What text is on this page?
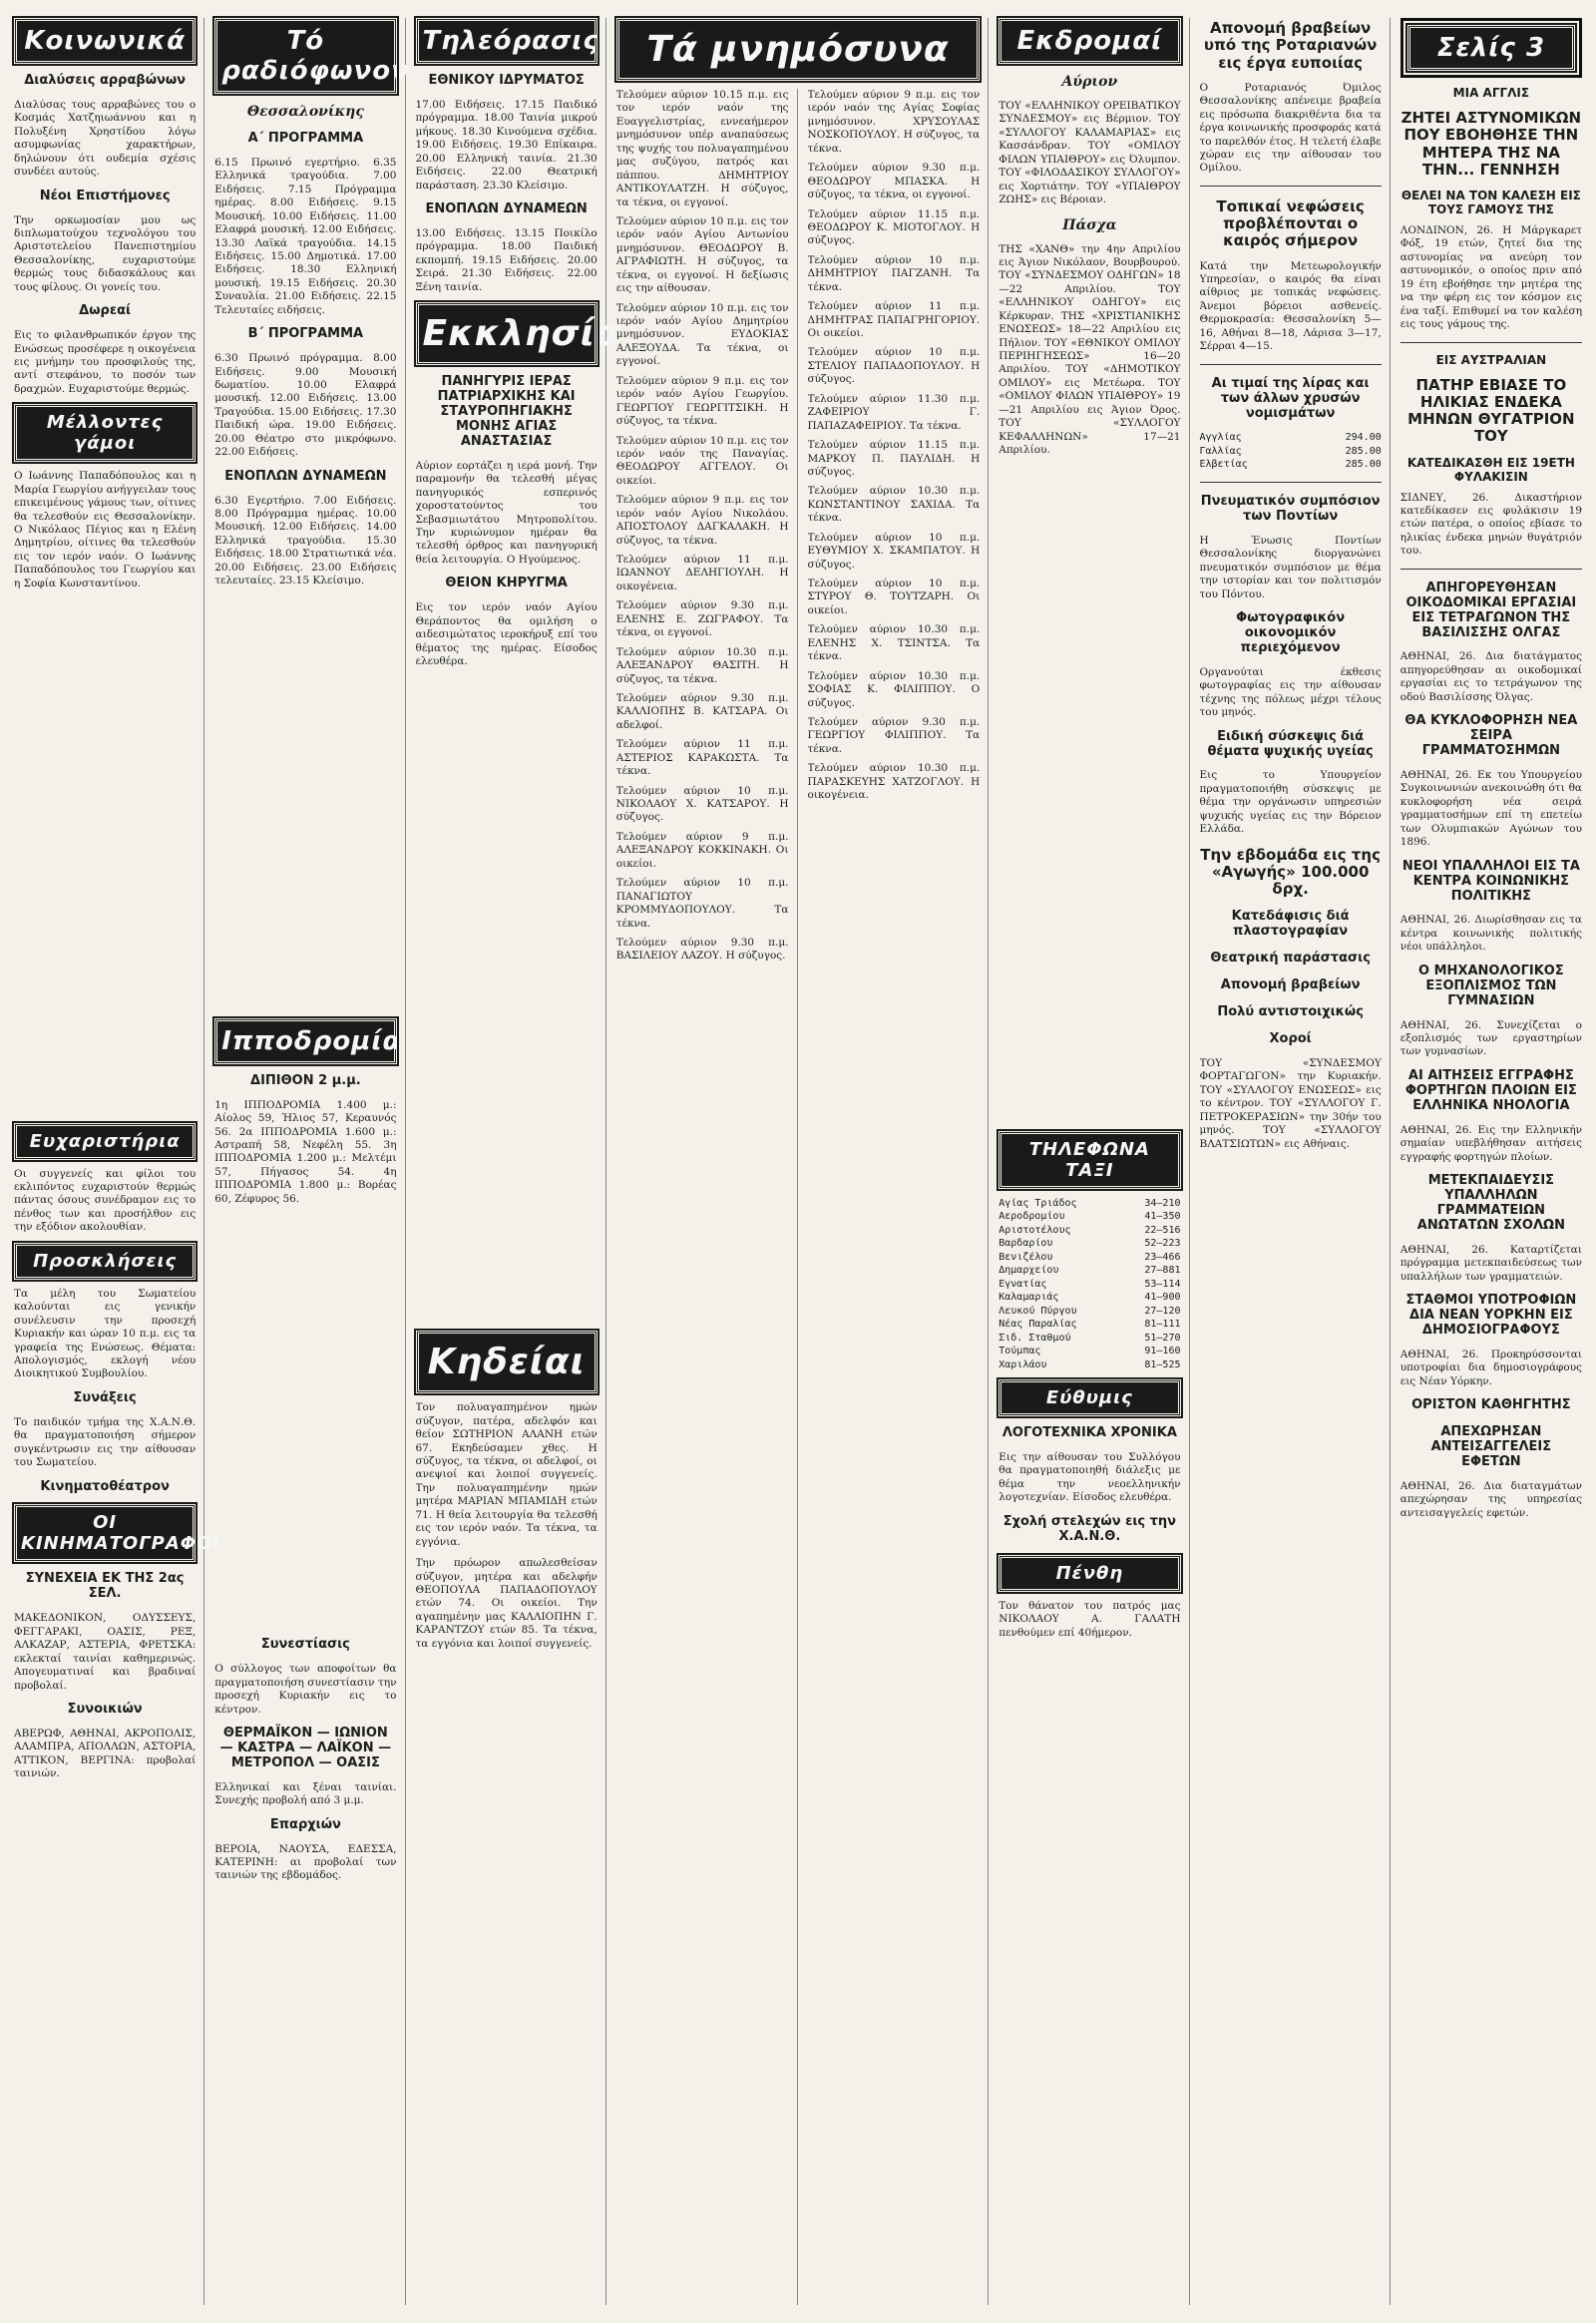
Κοινωνικά
Διαλύσεις αρραβώνων
Διαλύσας τους αρραβώνες του ο Κοσμάς Χατζηιωάννου και η Πολυξένη Χρηστίδου λόγω ασυμφωνίας χαρακτήρων, δηλώνουν ότι ουδεμία σχέσις συνδέει αυτούς.
Νέοι Επιστήμονες
Την ορκωμοσίαν μου ως διπλωματούχου τεχνολόγου του Αριστοτελείου Πανεπιστημίου Θεσσαλονίκης, ευχαριστούμε θερμώς τους διδασκάλους και τους φίλους. Οι γονείς του.
Δωρεαί
Εις το φιλανθρωπικόν έργον της Ενώσεως προσέφερε η οικογένεια εις μνήμην του προσφιλούς της, αντί στεφάνου, το ποσόν των δραχμών. Ευχαριστούμε θερμώς.
Μέλλοντες γάμοι
Ο Ιωάννης Παπαδόπουλος και η Μαρία Γεωργίου ανήγγειλαν τους επικειμένους γάμους των, οίτινες θα τελεσθούν εις Θεσσαλονίκην. Ο Νικόλαος Πέγιος και η Ελένη Δημητρίου, οίτινες θα τελεσθούν εις τον ιερόν ναόν. Ο Ιωάννης Παπαδόπουλος του Γεωργίου και η Σοφία Κωνσταντίνου.
Ευχαριστήρια
Οι συγγενείς και φίλοι του εκλιπόντος ευχαριστούν θερμώς πάντας όσους συνέδραμον εις το πένθος των και προσήλθον εις την εξόδιον ακολουθίαν.
Προσκλήσεις
Τα μέλη του Σωματείου καλούνται εις γενικήν συνέλευσιν την προσεχή Κυριακήν και ώραν 10 π.μ. εις τα γραφεία της Ενώσεως. Θέματα: Απολογισμός, εκλογή νέου Διοικητικού Συμβουλίου.
Συνάξεις
Το παιδικόν τμήμα της Χ.Α.Ν.Θ. θα πραγματοποιήση σήμερον συγκέντρωσιν εις την αίθουσαν του Σωματείου.
Κινηματοθέατρον
ΟΙ ΚΙΝΗΜΑΤΟΓΡΑΦΟΙ
ΣΥΝΕΧΕΙΑ ΕΚ ΤΗΣ 2ας ΣΕΛ.
ΜΑΚΕΔΟΝΙΚΟΝ, ΟΔΥΣΣΕΥΣ, ΦΕΓΓΑΡΑΚΙ, ΟΑΣΙΣ, ΡΕΞ, ΑΛΚΑΖΑΡ, ΑΣΤΕΡΙΑ, ΦΡΕΤΣΚΑ: εκλεκταί ταινίαι καθημερινώς. Απογευματιναί και βραδιναί προβολαί.
Συνοικιών
ΑΒΕΡΩΦ, ΑΘΗΝΑΙ, ΑΚΡΟΠΟΛΙΣ, ΑΛΑΜΠΡΑ, ΑΠΟΛΛΩΝ, ΑΣΤΟΡΙΑ, ΑΤΤΙΚΟΝ, ΒΕΡΓΙΝΑ: προβολαί ταινιών.
Τό ραδιόφωνον
Θεσσαλονίκης
Α΄ ΠΡΟΓΡΑΜΜΑ
6.15 Πρωινό εγερτήριο. 6.35 Ελληνικά τραγούδια. 7.00 Ειδήσεις. 7.15 Πρόγραμμα ημέρας. 8.00 Ειδήσεις. 9.15 Μουσική. 10.00 Ειδήσεις. 11.00 Ελαφρά μουσική. 12.00 Ειδήσεις. 13.30 Λαϊκά τραγούδια. 14.15 Ειδήσεις. 15.00 Δημοτικά. 17.00 Ειδήσεις. 18.30 Ελληνική μουσική. 19.15 Ειδήσεις. 20.30 Συναυλία. 21.00 Ειδήσεις. 22.15 Τελευταίες ειδήσεις.
Β΄ ΠΡΟΓΡΑΜΜΑ
6.30 Πρωινό πρόγραμμα. 8.00 Ειδήσεις. 9.00 Μουσική δωματίου. 10.00 Ελαφρά μουσική. 12.00 Ειδήσεις. 13.00 Τραγούδια. 15.00 Ειδήσεις. 17.30 Παιδική ώρα. 19.00 Ειδήσεις. 20.00 Θέατρο στο μικρόφωνο. 22.00 Ειδήσεις.
ΕΝΟΠΛΩΝ ΔΥΝΑΜΕΩΝ
6.30 Εγερτήριο. 7.00 Ειδήσεις. 8.00 Πρόγραμμα ημέρας. 10.00 Μουσική. 12.00 Ειδήσεις. 14.00 Ελληνικά τραγούδια. 15.30 Ειδήσεις. 18.00 Στρατιωτικά νέα. 20.00 Ειδήσεις. 23.00 Ειδήσεις τελευταίες. 23.15 Κλείσιμο.
Ιπποδρομία
ΔΙΠΙΘΟΝ 2 μ.μ.
1η ΙΠΠΟΔΡΟΜΙΑ 1.400 μ.: Αίολος 59, Ήλιος 57, Κεραυνός 56. 2α ΙΠΠΟΔΡΟΜΙΑ 1.600 μ.: Αστραπή 58, Νεφέλη 55. 3η ΙΠΠΟΔΡΟΜΙΑ 1.200 μ.: Μελτέμι 57, Πήγασος 54. 4η ΙΠΠΟΔΡΟΜΙΑ 1.800 μ.: Βορέας 60, Ζέφυρος 56.
Συνεστίασις
Ο σύλλογος των αποφοίτων θα πραγματοποιήση συνεστίασιν την προσεχή Κυριακήν εις το κέντρον.
ΘΕΡΜΑΪΚΟΝ — ΙΩΝΙΟΝ — ΚΑΣΤΡΑ — ΛΑΪΚΟΝ — ΜΕΤΡΟΠΟΛ — ΟΑΣΙΣ
Ελληνικαί και ξέναι ταινίαι. Συνεχής προβολή από 3 μ.μ.
Επαρχιών
ΒΕΡΟΙΑ, ΝΑΟΥΣΑ, ΕΔΕΣΣΑ, ΚΑΤΕΡΙΝΗ: αι προβολαί των ταινιών της εβδομάδος.
Τηλεόρασις
ΕΘΝΙΚΟΥ ΙΔΡΥΜΑΤΟΣ
17.00 Ειδήσεις. 17.15 Παιδικό πρόγραμμα. 18.00 Ταινία μικρού μήκους. 18.30 Κινούμενα σχέδια. 19.00 Ειδήσεις. 19.30 Επίκαιρα. 20.00 Ελληνική ταινία. 21.30 Ειδήσεις. 22.00 Θεατρική παράσταση. 23.30 Κλείσιμο.
ΕΝΟΠΛΩΝ ΔΥΝΑΜΕΩΝ
13.00 Ειδήσεις. 13.15 Ποικίλο πρόγραμμα. 18.00 Παιδική εκπομπή. 19.15 Ειδήσεις. 20.00 Σειρά. 21.30 Ειδήσεις. 22.00 Ξένη ταινία.
Εκκλησία
ΠΑΝΗΓΥΡΙΣ ΙΕΡΑΣ ΠΑΤΡΙΑΡΧΙΚΗΣ ΚΑΙ ΣΤΑΥΡΟΠΗΓΙΑΚΗΣ ΜΟΝΗΣ ΑΓΙΑΣ ΑΝΑΣΤΑΣΙΑΣ
Αύριον εορτάζει η ιερά μονή. Την παραμονήν θα τελεσθή μέγας πανηγυρικός εσπερινός χοροστατούντος του Σεβασμιωτάτου Μητροπολίτου. Την κυριώνυμον ημέραν θα τελεσθή όρθρος και πανηγυρική θεία λειτουργία. Ο Ηγούμενος.
ΘΕΙΟΝ ΚΗΡΥΓΜΑ
Εις τον ιερόν ναόν Αγίου Θεράποντος θα ομιλήση ο αιδεσιμώτατος ιεροκήρυξ επί του θέματος της ημέρας. Είσοδος ελευθέρα.
Κηδείαι
Τον πολυαγαπημένον ημών σύζυγον, πατέρα, αδελφόν και θείον ΣΩΤΗΡΙΟΝ ΑΛΑΝΗ ετών 67. Εκηδεύσαμεν χθες. Η σύζυγος, τα τέκνα, οι αδελφοί, οι ανεψιοί και λοιποί συγγενείς. Την πολυαγαπημένην ημών μητέρα ΜΑΡΙΑΝ ΜΠΑΜΙΔΗ ετών 71. Η θεία λειτουργία θα τελεσθή εις τον ιερόν ναόν. Τα τέκνα, τα εγγόνια.
Την πρόωρον απωλεσθείσαν σύζυγον, μητέρα και αδελφήν ΘΕΟΠΟΥΛΑ ΠΑΠΑΔΟΠΟΥΛΟΥ ετών 74. Οι οικείοι. Την αγαπημένην μας ΚΑΛΛΙΟΠΗΝ Γ. ΚΑΡΑΝΤΖΟΥ ετών 85. Τα τέκνα, τα εγγόνια και λοιποί συγγενείς.
Τά μνημόσυνα
Τελούμεν αύριον 10.15 π.μ. εις τον ιερόν ναόν της Ευαγγελιστρίας, εννεαήμερον μνημόσυνον υπέρ αναπαύσεως της ψυχής του πολυαγαπημένου μας συζύγου, πατρός και πάππου. ΔΗΜΗΤΡΙΟΥ ΑΝΤΙΚΟΥΛΑΤΖΗ. Η σύζυγος, τα τέκνα, οι εγγονοί.
Τελούμεν αύριον 10 π.μ. εις τον ιερόν ναόν Αγίου Αντωνίου μνημόσυνον. ΘΕΟΔΩΡΟΥ Β. ΑΓΡΑΦΙΩΤΗ. Η σύζυγος, τα τέκνα, οι εγγονοί. Η δεξίωσις εις την αίθουσαν.
Τελούμεν αύριον 10 π.μ. εις τον ιερόν ναόν Αγίου Δημητρίου μνημόσυνον. ΕΥΔΟΚΙΑΣ ΑΛΕΞΟΥΔΑ. Τα τέκνα, οι εγγονοί.
Τελούμεν αύριον 9 π.μ. εις τον ιερόν ναόν Αγίου Γεωργίου. ΓΕΩΡΓΙΟΥ ΓΕΩΡΓΙΤΣΙΚΗ. Η σύζυγος, τα τέκνα.
Τελούμεν αύριον 10 π.μ. εις τον ιερόν ναόν της Παναγίας. ΘΕΟΔΩΡΟΥ ΑΓΓΕΛΟΥ. Οι οικείοι.
Τελούμεν αύριον 9 π.μ. εις τον ιερόν ναόν Αγίου Νικολάου. ΑΠΟΣΤΟΛΟΥ ΔΑΓΚΑΛΑΚΗ. Η σύζυγος, τα τέκνα.
Τελούμεν αύριον 11 π.μ. ΙΩΑΝΝΟΥ ΔΕΛΗΓΙΟΥΛΗ. Η οικογένεια.
Τελούμεν αύριον 9.30 π.μ. ΕΛΕΝΗΣ Ε. ΖΩΓΡΑΦΟΥ. Τα τέκνα, οι εγγονοί.
Τελούμεν αύριον 10.30 π.μ. ΑΛΕΞΑΝΔΡΟΥ ΘΑΣΙΤΗ. Η σύζυγος, τα τέκνα.
Τελούμεν αύριον 9.30 π.μ. ΚΑΛΛΙΟΠΗΣ Β. ΚΑΤΣΑΡΑ. Οι αδελφοί.
Τελούμεν αύριον 11 π.μ. ΑΣΤΕΡΙΟΣ ΚΑΡΑΚΩΣΤΑ. Τα τέκνα.
Τελούμεν αύριον 10 π.μ. ΝΙΚΟΛΑΟΥ Χ. ΚΑΤΣΑΡΟΥ. Η σύζυγος.
Τελούμεν αύριον 9 π.μ. ΑΛΕΞΑΝΔΡΟΥ ΚΟΚΚΙΝΑΚΗ. Οι οικείοι.
Τελούμεν αύριον 10 π.μ. ΠΑΝΑΓΙΩΤΟΥ ΚΡΟΜΜΥΔΟΠΟΥΛΟΥ. Τα τέκνα.
Τελούμεν αύριον 9.30 π.μ. ΒΑΣΙΛΕΙΟΥ ΛΑΖΟΥ. Η σύζυγος.
Τελούμεν αύριον 9 π.μ. εις τον ιερόν ναόν της Αγίας Σοφίας μνημόσυνον. ΧΡΥΣΟΥΛΑΣ ΝΟΣΚΟΠΟΥΛΟΥ. Η σύζυγος, τα τέκνα.
Τελούμεν αύριον 9.30 π.μ. ΘΕΟΔΩΡΟΥ ΜΠΑΣΚΑ. Η σύζυγος, τα τέκνα, οι εγγονοί.
Τελούμεν αύριον 11.15 π.μ. ΘΕΟΔΩΡΟΥ Κ. ΜΙΟΤΟΓΛΟΥ. Η σύζυγος.
Τελούμεν αύριον 10 π.μ. ΔΗΜΗΤΡΙΟΥ ΠΑΓΖΑΝΗ. Τα τέκνα.
Τελούμεν αύριον 11 π.μ. ΔΗΜΗΤΡΑΣ ΠΑΠΑΓΡΗΓΟΡΙΟΥ. Οι οικείοι.
Τελούμεν αύριον 10 π.μ. ΣΤΕΛΙΟΥ ΠΑΠΑΔΟΠΟΥΛΟΥ. Η σύζυγος.
Τελούμεν αύριον 11.30 π.μ. ΖΑΦΕΙΡΙΟΥ Γ. ΠΑΠΑΖΑΦΕΙΡΙΟΥ. Τα τέκνα.
Τελούμεν αύριον 11.15 π.μ. ΜΑΡΚΟΥ Π. ΠΑΥΛΙΔΗ. Η σύζυγος.
Τελούμεν αύριον 10.30 π.μ. ΚΩΝΣΤΑΝΤΙΝΟΥ ΣΑΧΙΔΑ. Τα τέκνα.
Τελούμεν αύριον 10 π.μ. ΕΥΘΥΜΙΟΥ Χ. ΣΚΑΜΠΑΤΟΥ. Η σύζυγος.
Τελούμεν αύριον 10 π.μ. ΣΤΥΡΟΥ Θ. ΤΟΥΤΖΑΡΗ. Οι οικείοι.
Τελούμεν αύριον 10.30 π.μ. ΕΛΕΝΗΣ Χ. ΤΣΙΝΤΣΑ. Τα τέκνα.
Τελούμεν αύριον 10.30 π.μ. ΣΟΦΙΑΣ Κ. ΦΙΛΙΠΠΟΥ. Ο σύζυγος.
Τελούμεν αύριον 9.30 π.μ. ΓΕΩΡΓΙΟΥ ΦΙΛΙΠΠΟΥ. Τα τέκνα.
Τελούμεν αύριον 10.30 π.μ. ΠΑΡΑΣΚΕΥΗΣ ΧΑΤΖΟΓΛΟΥ. Η οικογένεια.
Εκδρομαί
Αύριον
ΤΟΥ «ΕΛΛΗΝΙΚΟΥ ΟΡΕΙΒΑΤΙΚΟΥ ΣΥΝΔΕΣΜΟΥ» εις Βέρμιον. ΤΟΥ «ΣΥΛΛΟΓΟΥ ΚΑΛΑΜΑΡΙΑΣ» εις Κασσάνδραν. ΤΟΥ «ΟΜΙΛΟΥ ΦΙΛΩΝ ΥΠΑΙΘΡΟΥ» εις Όλυμπον. ΤΟΥ «ΦΙΛΟΔΑΣΙΚΟΥ ΣΥΛΛΟΓΟΥ» εις Χορτιάτην. ΤΟΥ «ΥΠΑΙΘΡΟΥ ΖΩΗΣ» εις Βέροιαν.
Πάσχα
ΤΗΣ «ΧΑΝΘ» την 4ην Απριλίου εις Άγιον Νικόλαον, Βουρβουρού. ΤΟΥ «ΣΥΝΔΕΣΜΟΥ ΟΔΗΓΩΝ» 18—22 Απριλίου. ΤΟΥ «ΕΛΛΗΝΙΚΟΥ ΟΔΗΓΟΥ» εις Κέρκυραν. ΤΗΣ «ΧΡΙΣΤΙΑΝΙΚΗΣ ΕΝΩΣΕΩΣ» 18—22 Απριλίου εις Πήλιον. ΤΟΥ «ΕΘΝΙΚΟΥ ΟΜΙΛΟΥ ΠΕΡΙΗΓΗΣΕΩΣ» 16—20 Απριλίου. ΤΟΥ «ΔΗΜΟΤΙΚΟΥ ΟΜΙΛΟΥ» εις Μετέωρα. ΤΟΥ «ΟΜΙΛΟΥ ΦΙΛΩΝ ΥΠΑΙΘΡΟΥ» 19—21 Απριλίου εις Άγιον Όρος. ΤΟΥ «ΣΥΛΛΟΓΟΥ ΚΕΦΑΛΛΗΝΩΝ» 17—21 Απριλίου.
ΤΗΛΕΦΩΝΑ ΤΑΞΙ
Αγίας Τριάδος	34—210
Αεροδρομίου	41—350
Αριστοτέλους	22—516
Βαρδαρίου	52—223
Βενιζέλου	23—466
Δημαρχείου	27—881
Εγνατίας	53—114
Καλαμαριάς	41—900
Λευκού Πύργου	27—120
Νέας Παραλίας	81—111
Σιδ. Σταθμού	51—270
Τούμπας	91—160
Χαριλάου	81—525
Εύθυμις
ΛΟΓΟΤΕΧΝΙΚΑ ΧΡΟΝΙΚΑ
Εις την αίθουσαν του Συλλόγου θα πραγματοποιηθή διάλεξις με θέμα την νεοελληνικήν λογοτεχνίαν. Είσοδος ελευθέρα.
Σχολή στελεχών εις την Χ.Α.Ν.Θ.
Πένθη
Τον θάνατον του πατρός μας ΝΙΚΟΛΑΟΥ Α. ΓΑΛΑΤΗ πενθούμεν επί 40ήμερον.
Απονομή βραβείων υπό της Ροταριανών εις έργα ευποιίας
Ο Ροταριανός Όμιλος Θεσσαλονίκης απένειμε βραβεία εις πρόσωπα διακριθέντα δια τα έργα κοινωνικής προσφοράς κατά το παρελθόν έτος. Η τελετή έλαβε χώραν εις την αίθουσαν του Ομίλου.
Τοπικαί νεφώσεις προβλέπονται ο καιρός σήμερον
Κατά την Μετεωρολογικήν Υπηρεσίαν, ο καιρός θα είναι αίθριος με τοπικάς νεφώσεις. Άνεμοι βόρειοι ασθενείς. Θερμοκρασία: Θεσσαλονίκη 5—16, Αθήναι 8—18, Λάρισα 3—17, Σέρραι 4—15.
Αι τιμαί της λίρας και των άλλων χρυσών νομισμάτων
Αγγλίας	294.00
Γαλλίας	285.00
Ελβετίας	285.00
Πνευματικόν συμπόσιον των Ποντίων
Η Ένωσις Ποντίων Θεσσαλονίκης διοργανώνει πνευματικόν συμπόσιον με θέμα την ιστορίαν και τον πολιτισμόν του Πόντου.
Φωτογραφικόν οικονομικόν περιεχόμενον
Οργανούται έκθεσις φωτογραφίας εις την αίθουσαν τέχνης της πόλεως μέχρι τέλους του μηνός.
Ειδική σύσκεψις διά θέματα ψυχικής υγείας
Εις το Υπουργείον πραγματοποιήθη σύσκεψις με θέμα την οργάνωσιν υπηρεσιών ψυχικής υγείας εις την Βόρειον Ελλάδα.
Την εβδομάδα εις της «Αγωγής» 100.000 δρχ.
Κατεδάφισις διά πλαστογραφίαν
Θεατρική παράστασις
Απονομή βραβείων
Πολύ αντιστοιχικώς
Χοροί
ΤΟΥ «ΣΥΝΔΕΣΜΟΥ ΦΟΡΤΑΓΩΓΟΝ» την Κυριακήν. ΤΟΥ «ΣΥΛΛΟΓΟΥ ΕΝΩΣΕΩΣ» εις το κέντρον. ΤΟΥ «ΣΥΛΛΟΓΟΥ Γ. ΠΕΤΡΟΚΕΡΑΣΙΩΝ» την 30ήν του μηνός. ΤΟΥ «ΣΥΛΛΟΓΟΥ ΒΛΑΤΣΙΩΤΩΝ» εις Αθήναις.
Σελίς 3
ΜΙΑ ΑΓΓΛΙΣ
ΖΗΤΕΙ ΑΣΤΥΝΟΜΙΚΩΝ ΠΟΥ ΕΒΟΗΘΗΣΕ ΤΗΝ ΜΗΤΕΡΑ ΤΗΣ ΝΑ ΤΗΝ... ΓΕΝΝΗΣΗ
ΘΕΛΕΙ ΝΑ ΤΟΝ ΚΑΛΕΣΗ ΕΙΣ ΤΟΥΣ ΓΑΜΟΥΣ ΤΗΣ
ΛΟΝΔΙΝΟΝ, 26. Η Μάργκαρετ Φόξ, 19 ετών, ζητεί δια της αστυνομίας να ανεύρη τον αστυνομικόν, ο οποίος πριν από 19 έτη εβοήθησε την μητέρα της να την φέρη εις τον κόσμον εις ένα ταξί. Επιθυμεί να τον καλέση εις τους γάμους της.
ΕΙΣ ΑΥΣΤΡΑΛΙΑΝ
ΠΑΤΗΡ ΕΒΙΑΣΕ ΤΟ ΗΛΙΚΙΑΣ ΕΝΔΕΚΑ ΜΗΝΩΝ ΘΥΓΑΤΡΙΟΝ ΤΟΥ
ΚΑΤΕΔΙΚΑΣΘΗ ΕΙΣ 19ΕΤΗ ΦΥΛΑΚΙΣΙΝ
ΣΙΔΝΕΥ, 26. Δικαστήριον κατεδίκασεν εις φυλάκισιν 19 ετών πατέρα, ο οποίος εβίασε το ηλικίας ένδεκα μηνών θυγάτριόν του.
ΑΠΗΓΟΡΕΥΘΗΣΑΝ ΟΙΚΟΔΟΜΙΚΑΙ ΕΡΓΑΣΙΑΙ ΕΙΣ ΤΕΤΡΑΓΩΝΟΝ ΤΗΣ ΒΑΣΙΛΙΣΣΗΣ ΟΛΓΑΣ
ΑΘΗΝΑΙ, 26. Δια διατάγματος απηγορεύθησαν αι οικοδομικαί εργασίαι εις το τετράγωνον της οδού Βασιλίσσης Όλγας.
ΘΑ ΚΥΚΛΟΦΟΡΗΣΗ ΝΕΑ ΣΕΙΡΑ ΓΡΑΜΜΑΤΟΣΗΜΩΝ
ΑΘΗΝΑΙ, 26. Εκ του Υπουργείου Συγκοινωνιών ανεκοινώθη ότι θα κυκλοφορήση νέα σειρά γραμματοσήμων επί τη επετείω των Ολυμπιακών Αγώνων του 1896.
ΝΕΟΙ ΥΠΑΛΛΗΛΟΙ ΕΙΣ ΤΑ ΚΕΝΤΡΑ ΚΟΙΝΩΝΙΚΗΣ ΠΟΛΙΤΙΚΗΣ
ΑΘΗΝΑΙ, 26. Διωρίσθησαν εις τα κέντρα κοινωνικής πολιτικής νέοι υπάλληλοι.
Ο ΜΗΧΑΝΟΛΟΓΙΚΟΣ ΕΞΟΠΛΙΣΜΟΣ ΤΩΝ ΓΥΜΝΑΣΙΩΝ
ΑΘΗΝΑΙ, 26. Συνεχίζεται ο εξοπλισμός των εργαστηρίων των γυμνασίων.
ΑΙ ΑΙΤΗΣΕΙΣ ΕΓΓΡΑΦΗΣ ΦΟΡΤΗΓΩΝ ΠΛΟΙΩΝ ΕΙΣ ΕΛΛΗΝΙΚΑ ΝΗΟΛΟΓΙΑ
ΑΘΗΝΑΙ, 26. Εις την Ελληνικήν σημαίαν υπεβλήθησαν αιτήσεις εγγραφής φορτηγών πλοίων.
ΜΕΤΕΚΠΑΙΔΕΥΣΙΣ ΥΠΑΛΛΗΛΩΝ ΓΡΑΜΜΑΤΕΙΩΝ ΑΝΩΤΑΤΩΝ ΣΧΟΛΩΝ
ΑΘΗΝΑΙ, 26. Καταρτίζεται πρόγραμμα μετεκπαιδεύσεως των υπαλλήλων των γραμματειών.
ΣΤΑΘΜΟΙ ΥΠΟΤΡΟΦΙΩΝ ΔΙΑ ΝΕΑΝ ΥΟΡΚΗΝ ΕΙΣ ΔΗΜΟΣΙΟΓΡΑΦΟΥΣ
ΑΘΗΝΑΙ, 26. Προκηρύσσονται υποτροφίαι δια δημοσιογράφους εις Νέαν Υόρκην.
ΟΡΙΣΤΟΝ ΚΑΘΗΓΗΤΗΣ
ΑΠΕΧΩΡΗΣΑΝ ΑΝΤΕΙΣΑΓΓΕΛΕΙΣ ΕΦΕΤΩΝ
ΑΘΗΝΑΙ, 26. Δια διαταγμάτων απεχώρησαν της υπηρεσίας αντεισαγγελείς εφετών.
